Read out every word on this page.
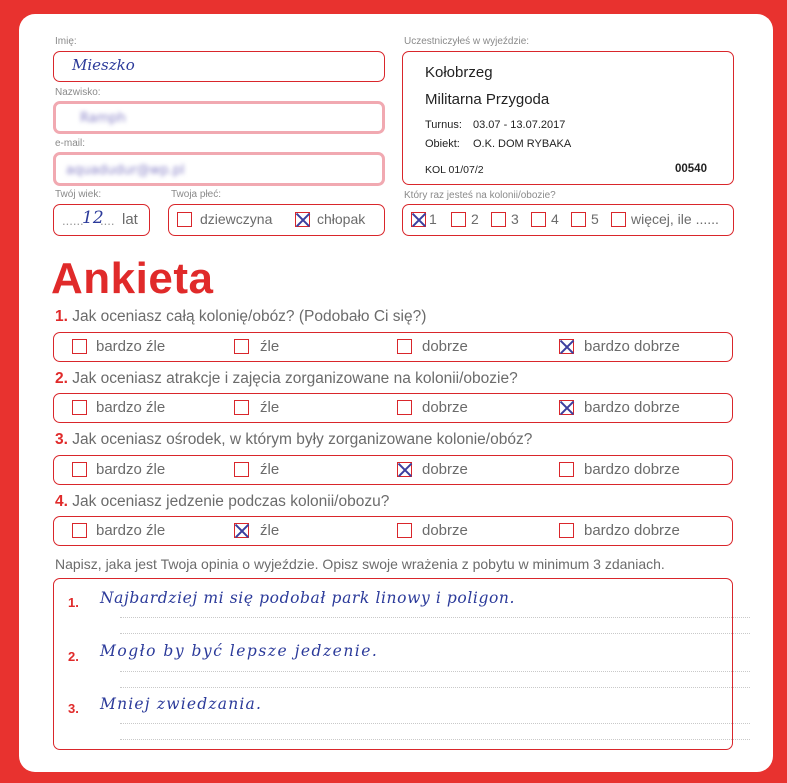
Imię:
Mieszko
Nazwisko:
Ramph
e-mail:
aquadudur@wp.pl
Twój wiek:
......
12
.... lat
Twoja płeć:
dziewczyna	chłopak
Uczestniczyłeś w wyjeździe:
Kołobrzeg
Militarna Przygoda
Turnus: 03.07 - 13.07.2017
Obiekt: O.K. DOM RYBAKA
KOL 01/07/2	00540
Który raz jesteś na kolonii/obozie?
1 2 3 4 5 więcej, ile ......
Ankieta
1. Jak oceniasz całą kolonię/obóz? (Podobało Ci się?)
bardzo źle	źle	dobrze	bardzo dobrze
2. Jak oceniasz atrakcje i zajęcia zorganizowane na kolonii/obozie?
bardzo źle	źle	dobrze	bardzo dobrze
3. Jak oceniasz ośrodek, w którym były zorganizowane kolonie/obóz?
bardzo źle	źle	dobrze	bardzo dobrze
4. Jak oceniasz jedzenie podczas kolonii/obozu?
bardzo źle	źle	dobrze	bardzo dobrze
Napisz, jaka jest Twoja opinia o wyjeździe. Opisz swoje wrażenia z pobytu w minimum 3 zdaniach.
1. Najbardziej mi się podobał park linowy i poligon.
2. Mogło by być lepsze jedzenie.
3. Mniej zwiedzania.
